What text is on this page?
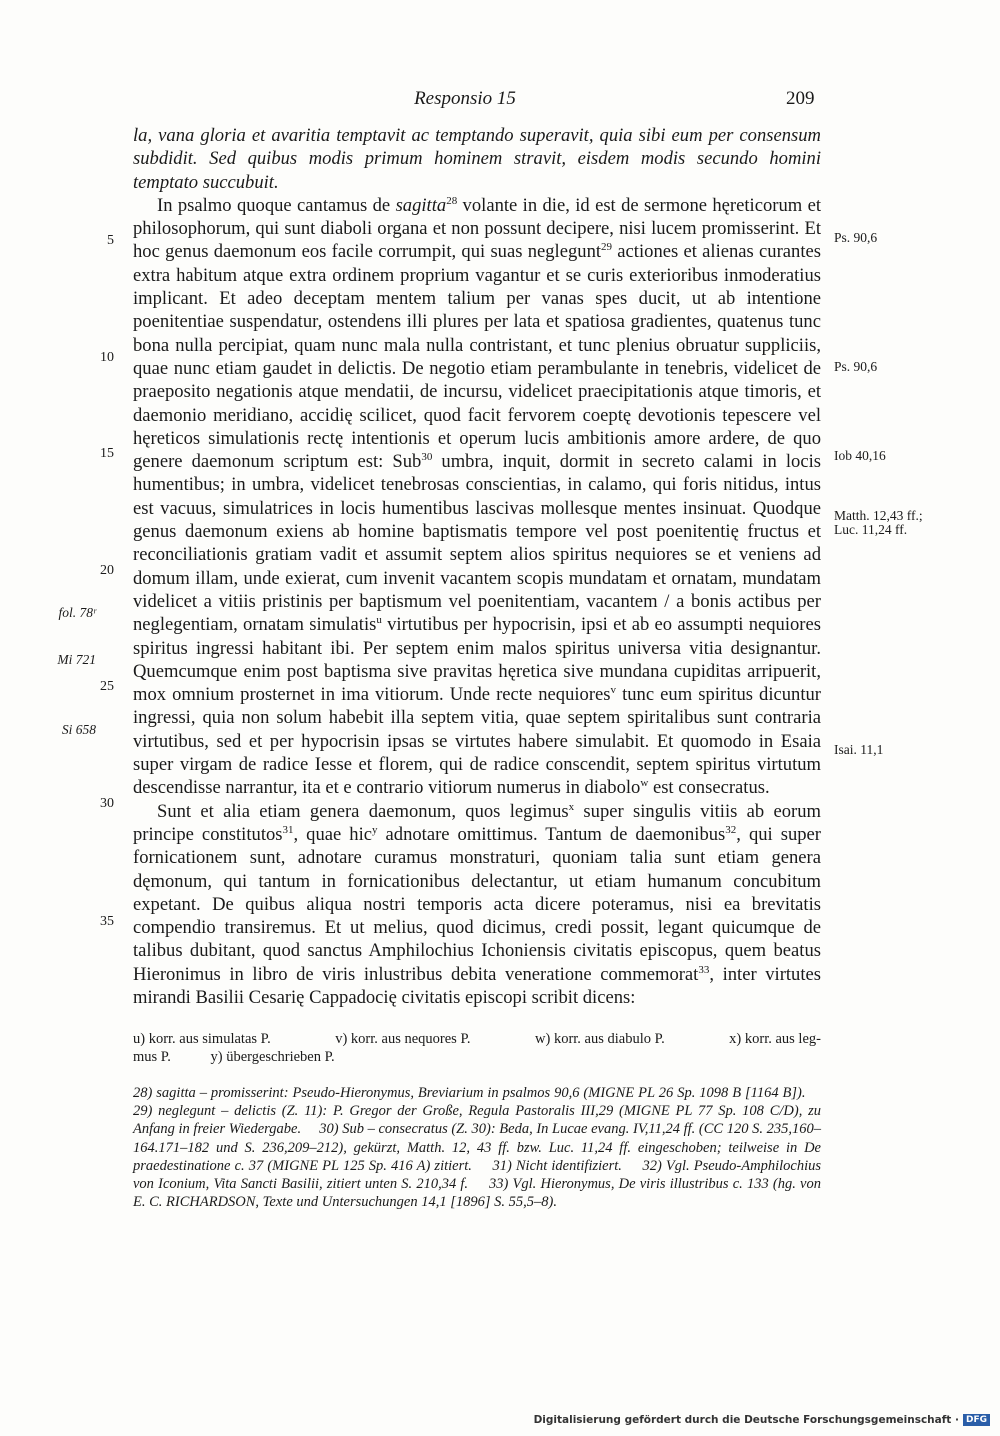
Responsio 15	209
5
10
15
20
25
30
35
fol. 78ʳ
Mi 721
Si 658
Ps. 90,6
Ps. 90,6
Iob 40,16
Matth. 12,43 ff.;
Luc. 11,24 ff.
Isai. 11,1

la, vana gloria et avaritia temptavit ac temptando superavit, quia sibi eum per consensum subdidit. Sed quibus modis primum hominem stravit, eisdem modis secundo homini temptato succubuit.

In psalmo quoque cantamus de sagitta$^{28}$ volante in die, id est de sermone hęreticorum et philosophorum, qui sunt diaboli organa et non possunt decipere, nisi lucem promisserint. Et hoc genus daemonum eos facile corrumpit, qui suas neglegunt$^{29}$ actiones et alienas curantes extra habitum atque extra ordinem proprium vagantur et se curis exterioribus inmoderatius implicant. Et adeo deceptam mentem talium per vanas spes ducit, ut ab intentione poenitentiae suspendatur, ostendens illi plures per lata et spatiosa gradientes, quatenus tunc bona nulla percipiat, quam nunc mala nulla contristant, et tunc plenius obruatur suppliciis, quae nunc etiam gaudet in delictis. De negotio etiam perambulante in tenebris, videlicet de praeposito negationis atque mendatii, de incursu, videlicet praecipitationis atque timoris, et daemonio meridiano, accidię scilicet, quod facit fervorem coeptę devotionis tepescere vel hęreticos simulationis rectę intentionis et operum lucis ambitionis amore ardere, de quo genere daemonum scriptum est: Sub$^{30}$ umbra, inquit, dormit in secreto calami in locis humentibus; in umbra, videlicet tenebrosas conscientias, in calamo, qui foris nitidus, intus est vacuus, simulatrices in locis humentibus lascivas mollesque mentes insinuat. Quodque genus daemonum exiens ab homine baptismatis tempore vel post poenitentię fructus et reconciliationis gratiam vadit et assumit septem alios spiritus nequiores se et veniens ad domum illam, unde exierat, cum invenit vacantem scopis mundatam et ornatam, mundatam videlicet a vitiis pristinis per baptismum vel poenitentiam, vacantem / a bonis actibus per neglegentiam, ornatam simulatis$^u$ virtutibus per hypocrisin, ipsi et ab eo assumpti nequiores spiritus ingressi habitant ibi. Per septem enim malos spiritus universa vitia designantur. Quemcumque enim post baptisma sive pravitas hęretica sive mundana cupiditas arripuerit, mox omnium prosternet in ima vitiorum. Unde recte nequiores$^v$ tunc eum spiritus dicuntur ingressi, quia non solum habebit illa septem vitia, quae septem spiritalibus sunt contraria virtutibus, sed et per hypocrisin ipsas se virtutes habere simulabit. Et quomodo in Esaia super virgam de radice Iesse et florem, qui de radice conscendit, septem spiritus virtutum descendisse narrantur, ita et e contrario vitiorum numerus in diabolo$^w$ est consecratus.

Sunt et alia etiam genera daemonum, quos legimus$^x$ super singulis vitiis ab eorum principe constitutos$^{31}$, quae hic$^y$ adnotare omittimus. Tantum de daemonibus$^{32}$, qui super fornicationem sunt, adnotare curamus monstraturi, quoniam talia sunt etiam genera dęmonum, qui tantum in fornicationibus delectantur, ut etiam humanum concubitum expetant. De quibus aliqua nostri temporis acta dicere poteramus, nisi ea brevitatis compendio transiremus. Et ut melius, quod dicimus, credi possit, legant quicumque de talibus dubitant, quod sanctus Amphilochius Ichoniensis civitatis episcopus, quem beatus Hieronimus in libro de viris inlustribus debita veneratione commemorat$^{33}$, inter virtutes mirandi Basilii Cesarię Cappadocię civitatis episcopi scribit dicens:

u) korr. aus simulatas P.	v) korr. aus nequores P.	w) korr. aus diabulo P.	x) korr. aus leg-
mus P.	y) übergeschrieben P.
28) sagitta – promisserint: Pseudo-Hieronymus, Breviarium in psalmos 90,6 (MIGNE PL 26 Sp. 1098 B [1164 B]).     29) neglegunt – delictis (Z. 11): P. Gregor der Große, Regula Pastoralis III,29 (MIGNE PL 77 Sp. 108 C/D), zu Anfang in freier Wiedergabe. 30) Sub – consecratus (Z. 30): Beda, In Lucae evang. IV,11,24 ff. (CC 120 S. 235,160–164.171–182 und S. 236,209–212), gekürzt, Matth. 12, 43 ff. bzw. Luc. 11,24 ff. eingeschoben; teilweise in De praedestinatione c. 37 (MIGNE PL 125 Sp. 416 A) zitiert. 31) Nicht identifiziert. 32) Vgl. Pseudo-Amphilochius von Iconium, Vita Sancti Basilii, zitiert unten S. 210,34 f. 33) Vgl. Hieronymus, De viris illustribus c. 133 (hg. von E. C. RICHARDSON, Texte und Untersuchungen 14,1 [1896] S. 55,5–8).
Digitalisierung gefördert durch die Deutsche Forschungsgemeinschaft · DFG
